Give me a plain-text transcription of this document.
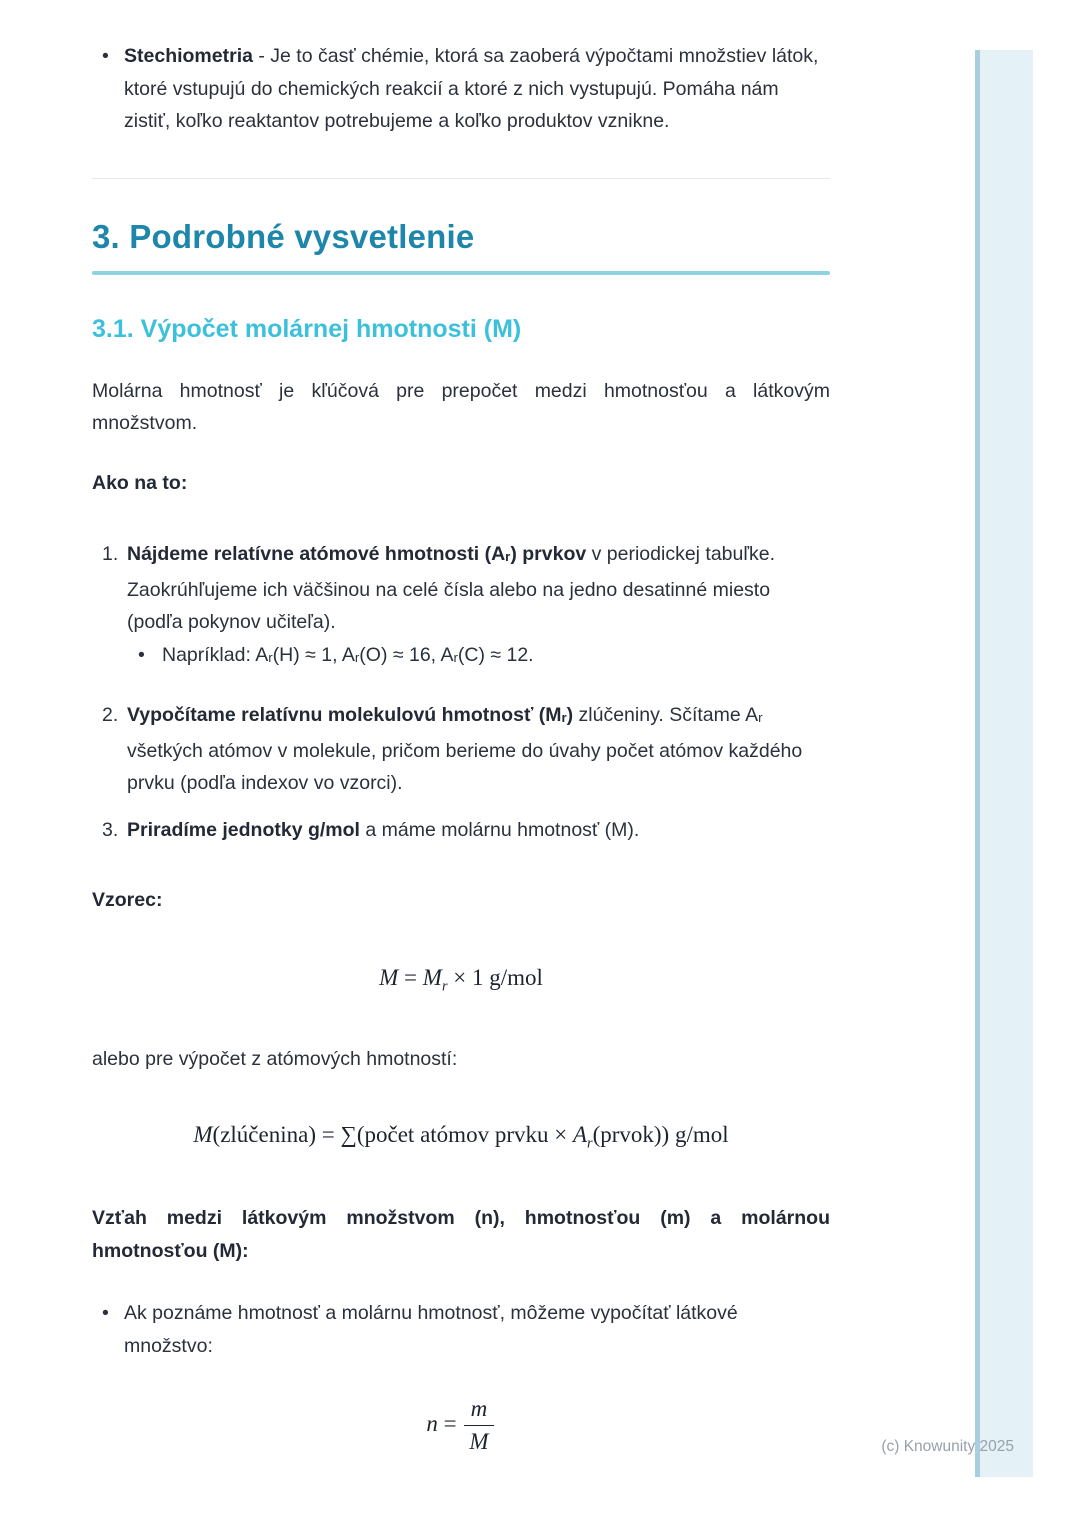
(c) Knowunity 2025
• Stechiometria - Je to časť chémie, ktorá sa zaoberá výpočtami množstiev látok, ktoré vstupujú do chemických reakcií a ktoré z nich vystupujú. Pomáha nám zistiť, koľko reaktantov potrebujeme a koľko produktov vznikne.
3. Podrobné vysvetlenie
3.1. Výpočet molárnej hmotnosti (M)

Molárna hmotnosť je kľúčová pre prepočet medzi hmotnosťou a látkovým množstvom.

Ako na to:

1. Nájdeme relatívne atómové hmotnosti (Ar) prvkov v periodickej tabuľke. Zaokrúhľujeme ich väčšinou na celé čísla alebo na jedno desatinné miesto (podľa pokynov učiteľa).
• Napríklad: Ar(H) ≈ 1, Ar(O) ≈ 16, Ar(C) ≈ 12.
2. Vypočítame relatívnu molekulovú hmotnosť (Mr) zlúčeniny. Sčítame Ar všetkých atómov v molekule, pričom berieme do úvahy počet atómov každého prvku (podľa indexov vo vzorci).
3. Priradíme jednotky g/mol a máme molárnu hmotnosť (M).

Vzorec:

$M = M_r \times 1$ g/mol

alebo pre výpočet z atómových hmotností:

M(zlúčenina) = ∑(počet atómov prvku × $A_r(prvok)$) g/mol

Vzťah medzi látkovým množstvom (n), hmotnosťou (m) a molárnou hmotnosťou (M):

• Ak poznáme hmotnosť a molárnu hmotnosť, môžeme vypočítať látkové množstvo:
$n = \frac{m}{M}$
